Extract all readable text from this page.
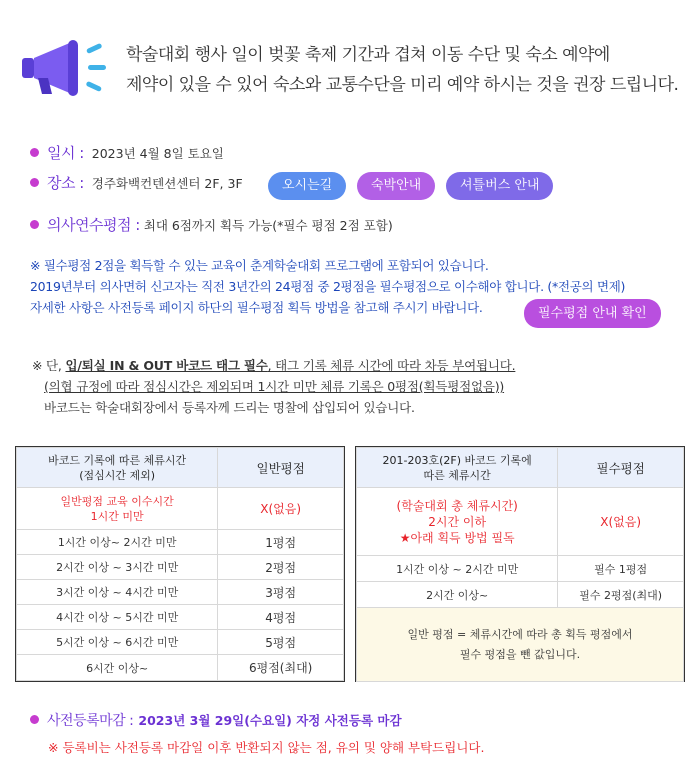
학술대회 행사 일이 벚꽃 축제 기간과 겹쳐 이동 수단 및 숙소 예약에
제약이 있을 수 있어 숙소와 교통수단을 미리 예약 하시는 것을 권장 드립니다.
일시 : 2023년 4월 8일 토요일
장소 : 경주화백컨텐션센터 2F, 3F	오시는길	숙박안내	셔틀버스 안내
의사연수평점 : 최대 6점까지 획득 가능(*필수 평점 2점 포함)
※ 필수평점 2점을 획득할 수 있는 교육이 춘계학술대회 프로그램에 포함되어 있습니다.
2019년부터 의사면허 신고자는 직전 3년간의 24평점 중 2평점을 필수평점으로 이수해야 합니다. (*전공의 면제)
자세한 사항은 사전등록 페이지 하단의 필수평점 획득 방법을 참고해 주시기 바랍니다.	필수평점 안내 확인
※ 단, 입/퇴실 IN & OUT 바코드 태그 필수, 태그 기록 체류 시간에 따라 차등 부여됩니다.
(의협 규정에 따라 점심시간은 제외되며 1시간 미만 체류 기록은 0평점(획득평점없음))
바코드는 학술대회장에서 등록자께 드리는 명찰에 삽입되어 있습니다.
바코드 기록에 따른 체류시간
(점심시간 제외)	일반평점
일반평점 교육 이수시간
1시간 미만	X(없음)
1시간 이상~ 2시간 미만	1평점
2시간 이상 ~ 3시간 미만	2평점
3시간 이상 ~ 4시간 미만	3평점
4시간 이상 ~ 5시간 미만	4평점
5시간 이상 ~ 6시간 미만	5평점
6시간 이상~	6평점(최대)
201-203호(2F) 바코드 기록에
따른 체류시간	필수평점
(학술대회 총 체류시간)
2시간 이하
★아래 획득 방법 필독	X(없음)
1시간 이상 ~ 2시간 미만	필수 1평점
2시간 이상~	필수 2평점(최대)
일반 평점 = 체류시간에 따라 총 획득 평점에서
필수 평점을 뺀 값입니다.	
사전등록마감 : 2023년 3월 29일(수요일) 자정 사전등록 마감
※ 등록비는 사전등록 마감일 이후 반환되지 않는 점, 유의 및 양해 부탁드립니다.
